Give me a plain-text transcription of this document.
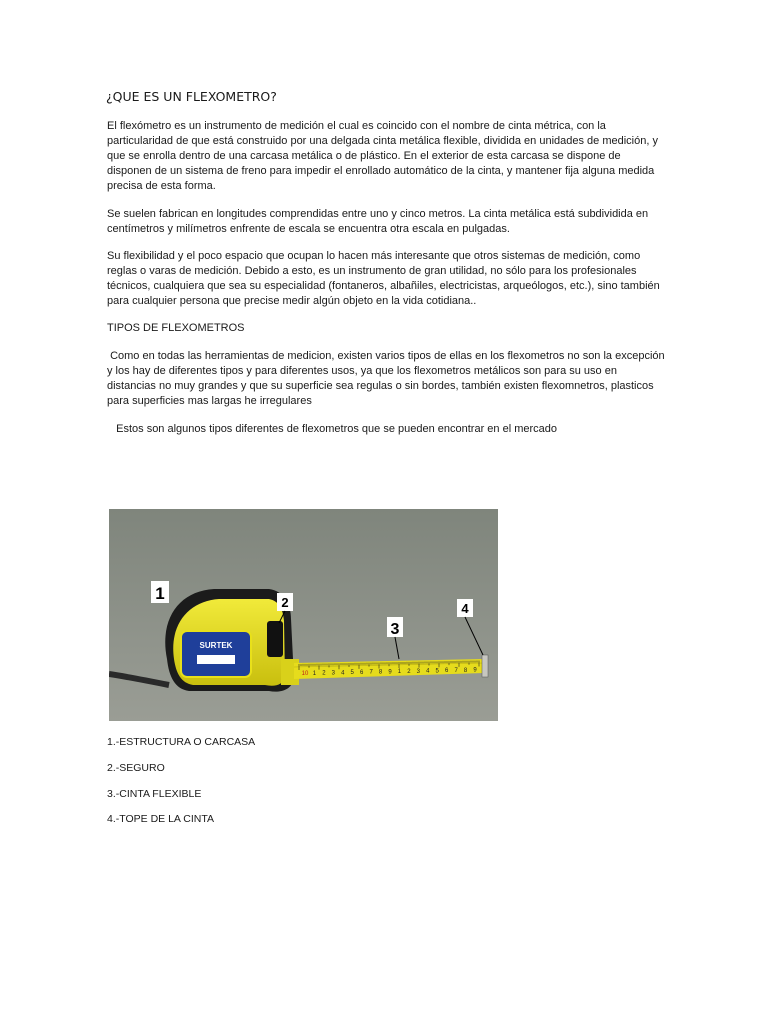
¿QUE ES UN FLEXOMETRO?

El flexómetro es un instrumento de medición el cual es coincido con el nombre de cinta métrica, con la particularidad de que está construido por una delgada cinta metálica flexible, dividida en unidades de medición, y que se enrolla dentro de una carcasa metálica o de plástico. En el exterior de esta carcasa se dispone de disponen de un sistema de freno para impedir el enrollado automático de la cinta, y mantener fija alguna medida precisa de esta forma.

Se suelen fabrican en longitudes comprendidas entre uno y cinco metros. La cinta metálica está subdividida en centímetros y milímetros enfrente de escala se encuentra otra escala en pulgadas.

Su flexibilidad y el poco espacio que ocupan lo hacen más interesante que otros sistemas de medición, como reglas o varas de medición. Debido a esto, es un instrumento de gran utilidad, no sólo para los profesionales técnicos, cualquiera que sea su especialidad (fontaneros, albañiles, electricistas, arqueólogos, etc.), sino también para cualquier persona que precise medir algún objeto en la vida cotidiana..

TIPOS DE FLEXOMETROS

Como en todas las herramientas de medicion, existen varios tipos de ellas en los flexometros no son la excepción y los hay de diferentes tipos y para diferentes usos, ya que los flexometros metálicos son para su uso en distancias no muy grandes y que su superficie sea regulas o sin bordes, también existen flexomnetros, plasticos para superficies mas largas he irregulares

Estos son algunos tipos diferentes de flexometros que se pueden encontrar en el mercado

SURTEK
10 1 2 3 4 5 6 7 8 9 1 2 3 4 5 6 7 8 9
1	2
3
4

1.-ESTRUCTURA O CARCASA

2.-SEGURO

3.-CINTA FLEXIBLE

4.-TOPE DE LA CINTA
